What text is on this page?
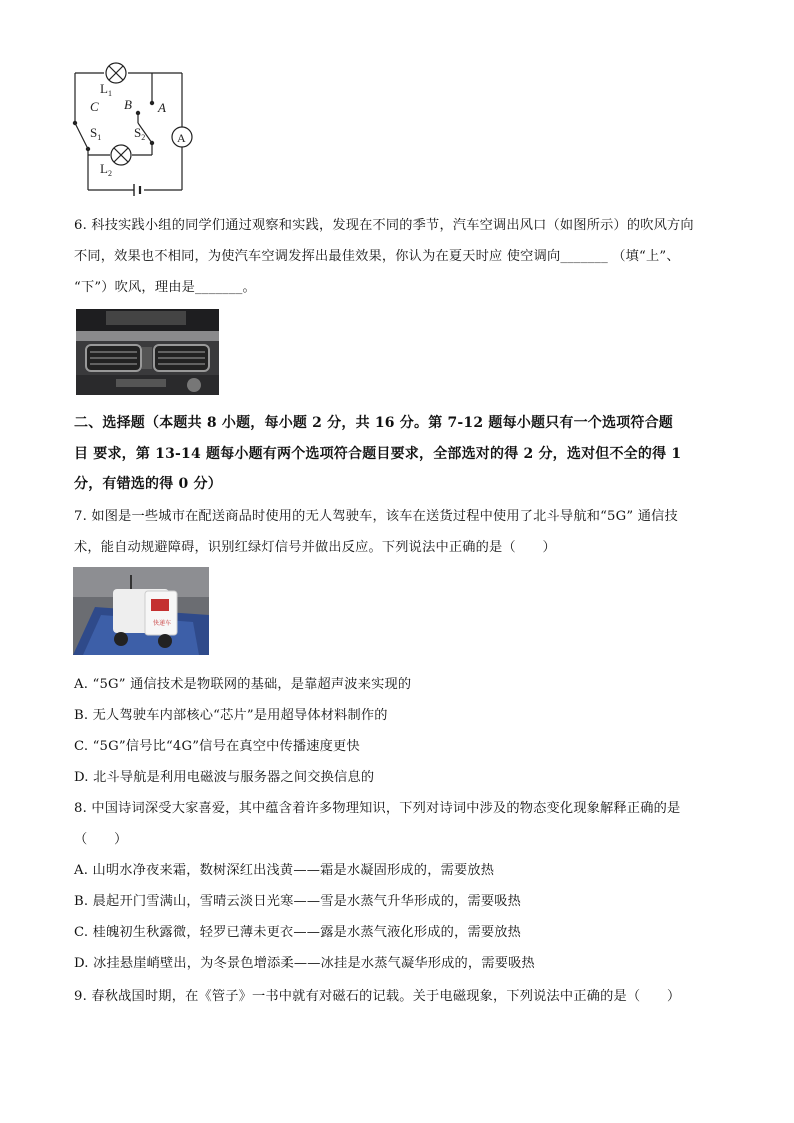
$L_1$
C B A
$S_1$	$S_2$
$L_2$
A
6. 科技实践小组的同学们通过观察和实践，发现在不同的季节，汽车空调出风口（如图所示）的吹风方向
不同，效果也不相同，为使汽车空调发挥出最佳效果，你认为在夏天时应 使空调向_______ （填“上”、
“下”）吹风，理由是_______。
二、选择题（本题共 8 小题，每小题 2 分，共 16 分。第 7-12 题每小题只有一个选项符合题
目 要求，第 13-14 题每小题有两个选项符合题目要求，全部选对的得 2 分，选对但不全的得 1
分，有错选的得 0 分）
7. 如图是一些城市在配送商品时使用的无人驾驶车，该车在送货过程中使用了北斗导航和“5G” 通信技
术，能自动规避障碍，识别红绿灯信号并做出反应。下列说法中正确的是（　　）
快递车
A. “5G” 通信技术是物联网的基础，是靠超声波来实现的
B. 无人驾驶车内部核心“芯片”是用超导体材料制作的
C. “5G”信号比“4G”信号在真空中传播速度更快
D. 北斗导航是利用电磁波与服务器之间交换信息的
8. 中国诗词深受大家喜爱，其中蕴含着许多物理知识，下列对诗词中涉及的物态变化现象解释正确的是
（　　）
A. 山明水净夜来霜，数树深红出浅黄——霜是水凝固形成的，需要放热
B. 晨起开门雪满山，雪晴云淡日光寒——雪是水蒸气升华形成的，需要吸热
C. 桂魄初生秋露微，轻罗已薄未更衣——露是水蒸气液化形成的，需要放热
D. 冰挂悬崖峭壁出，为冬景色增添柔——冰挂是水蒸气凝华形成的，需要吸热
9. 春秋战国时期，在《管子》一书中就有对磁石的记载。关于电磁现象，下列说法中正确的是（　　）
